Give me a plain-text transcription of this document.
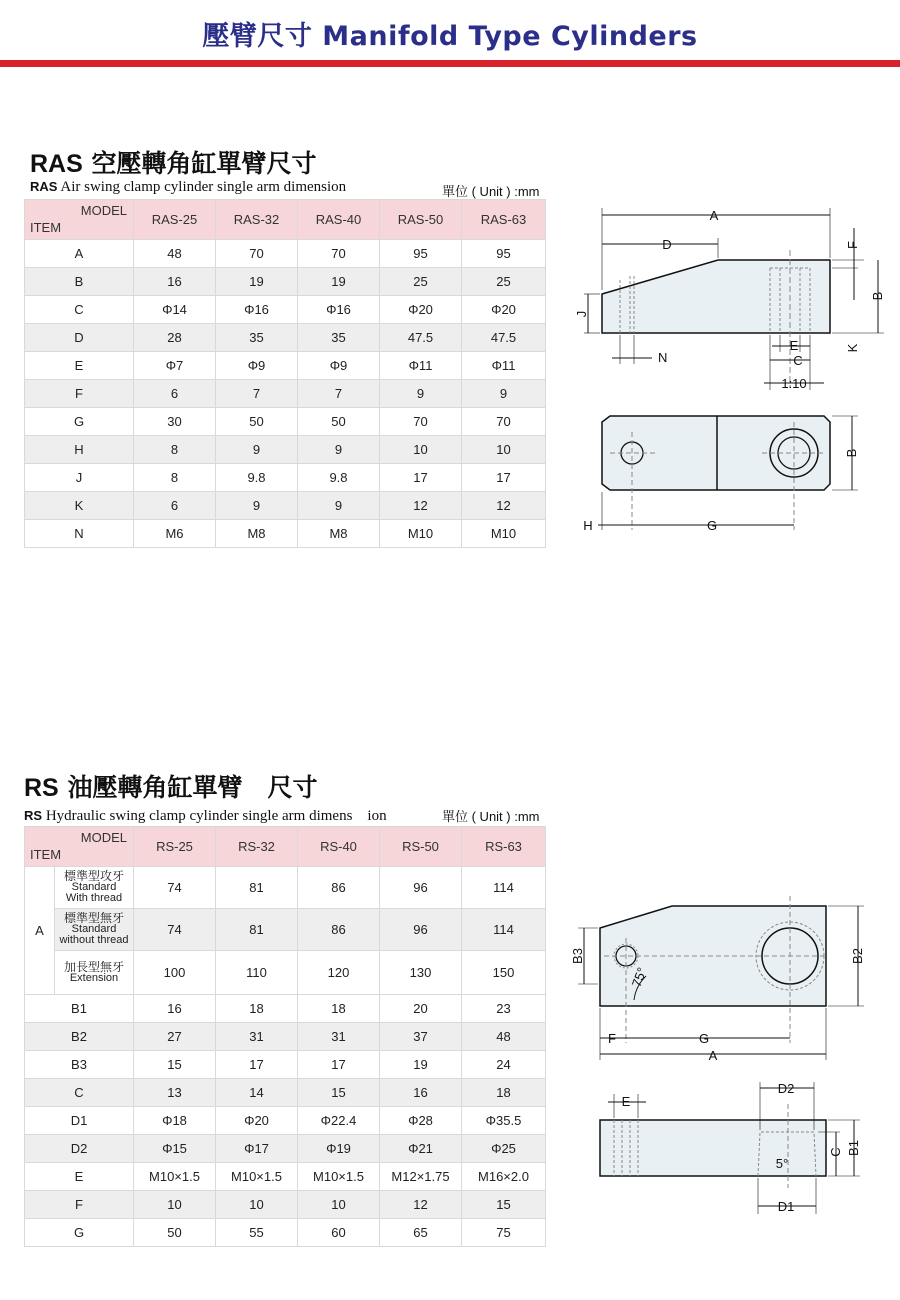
壓臂尺寸 Manifold Type Cylinders
RAS 空壓轉角缸單臂尺寸
RAS Air swing clamp cylinder single arm dimension	單位 ( Unit ) :mm
MODEL
ITEM	RAS-25	RAS-32	RAS-40	RAS-50	RAS-63
A	48	70	70	95	95
B	16	19	19	25	25
C	Φ14	Φ16	Φ16	Φ20	Φ20
D	28	35	35	47.5	47.5
E	Φ7	Φ9	Φ9	Φ11	Φ11
F	6	7	7	9	9
G	30	50	50	70	70
H	8	9	9	10	10
J	8	9.8	9.8	17	17
K	6	9	9	12	12
N	M6	M8	M8	M10	M10
A
D	F
B
K
J
N
E
C
1:10
B
H	G
RS 油壓轉角缸單臂　尺寸
RS Hydraulic swing clamp cylinder single arm dimens　ion	單位 ( Unit ) :mm
MODEL
ITEM		RS-25	RS-32	RS-40	RS-50	RS-63
A	標準型攻牙
Standard
With thread	74	81	86	96	114

	標準型無牙
Standard
without thread	74	81	86	96	114

	加長型無牙
Extension	100	110	120	130	150
B1		16	18	18	20	23
B2		27	31	31	37	48
B3		15	17	17	19	24
C		13	14	15	16	18
D1		Φ18	Φ20	Φ22.4	Φ28	Φ35.5
D2		Φ15	Φ17	Φ19	Φ21	Φ25
E		M10×1.5	M10×1.5	M10×1.5	M12×1.75	M16×2.0
F		10	10	10	12	15
G		50	55	60	65	75
75°
B3	B2
F	G
A
5°
E
D2
C B1
D1
